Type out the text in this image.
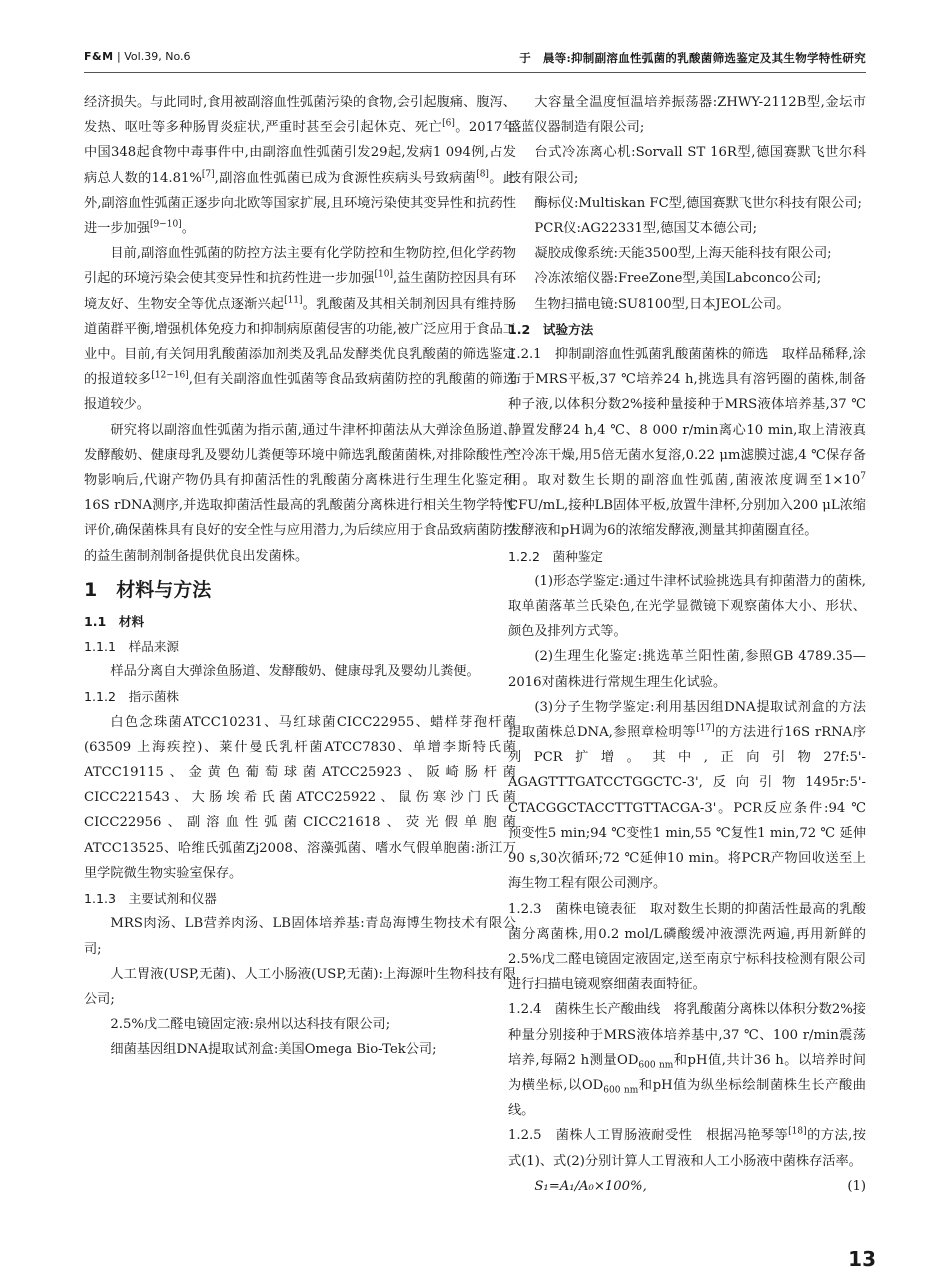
F&M | Vol.39, No.6	于　晨等:抑制副溶血性弧菌的乳酸菌筛选鉴定及其生物学特性研究

经济损失。与此同时,食用被副溶血性弧菌污染的食物,会引起腹痛、腹泻、发热、呕吐等多种肠胃炎症状,严重时甚至会引起休克、死亡[6]。2017年中国348起食物中毒事件中,由副溶血性弧菌引发29起,发病1 094例,占发病总人数的14.81%[7],副溶血性弧菌已成为食源性疾病头号致病菌[8]。此外,副溶血性弧菌正逐步向北欧等国家扩展,且环境污染使其变异性和抗药性进一步加强[9−10]。

目前,副溶血性弧菌的防控方法主要有化学防控和生物防控,但化学药物引起的环境污染会使其变异性和抗药性进一步加强[10],益生菌防控因具有环境友好、生物安全等优点逐渐兴起[11]。乳酸菌及其相关制剂因具有维持肠道菌群平衡,增强机体免疫力和抑制病原菌侵害的功能,被广泛应用于食品工业中。目前,有关饲用乳酸菌添加剂类及乳品发酵类优良乳酸菌的筛选鉴定的报道较多[12−16],但有关副溶血性弧菌等食品致病菌防控的乳酸菌的筛选报道较少。

研究将以副溶血性弧菌为指示菌,通过牛津杯抑菌法从大弹涂鱼肠道、发酵酸奶、健康母乳及婴幼儿粪便等环境中筛选乳酸菌菌株,对排除酸性产物影响后,代谢产物仍具有抑菌活性的乳酸菌分离株进行生理生化鉴定和16S rDNA测序,并选取抑菌活性最高的乳酸菌分离株进行相关生物学特性评价,确保菌株具有良好的安全性与应用潜力,为后续应用于食品致病菌防控的益生菌制剂制备提供优良出发菌株。

1　材料与方法

1.1　材料

1.1.1　样品来源

样品分离自大弹涂鱼肠道、发酵酸奶、健康母乳及婴幼儿粪便。

1.1.2　指示菌株

白色念珠菌ATCC10231、马红球菌CICC22955、蜡样芽孢杆菌(63509 上海疾控)、莱什曼氏乳杆菌ATCC7830、单增李斯特氏菌ATCC19115、金黄色葡萄球菌ATCC25923、阪崎肠杆菌CICC221543、大肠埃希氏菌ATCC25922、鼠伤寒沙门氏菌CICC22956、副溶血性弧菌CICC21618、荧光假单胞菌ATCC13525、哈维氏弧菌Zj2008、溶藻弧菌、嗜水气假单胞菌:浙江万里学院微生物实验室保存。

1.1.3　主要试剂和仪器

MRS肉汤、LB营养肉汤、LB固体培养基:青岛海博生物技术有限公司;

人工胃液(USP,无菌)、人工小肠液(USP,无菌):上海源叶生物科技有限公司;

2.5%戊二醛电镜固定液:泉州以达科技有限公司;

细菌基因组DNA提取试剂盒:美国Omega Bio-Tek公司;

大容量全温度恒温培养振荡器:ZHWY-2112B型,金坛市盛蓝仪器制造有限公司;

台式冷冻离心机:Sorvall ST 16R型,德国赛默飞世尔科技有限公司;

酶标仪:Multiskan FC型,德国赛默飞世尔科技有限公司;

PCR仪:AG22331型,德国艾本德公司;

凝胶成像系统:天能3500型,上海天能科技有限公司;

冷冻浓缩仪器:FreeZone型,美国Labconco公司;

生物扫描电镜:SU8100型,日本JEOL公司。

1.2　试验方法

1.2.1　抑制副溶血性弧菌乳酸菌菌株的筛选　取样品稀释,涂布于MRS平板,37 ℃培养24 h,挑选具有溶钙圈的菌株,制备种子液,以体积分数2%接种量接种于MRS液体培养基,37 ℃静置发酵24 h,4 ℃、8 000 r/min离心10 min,取上清液真空冷冻干燥,用5倍无菌水复溶,0.22 μm滤膜过滤,4 ℃保存备用。取对数生长期的副溶血性弧菌,菌液浓度调至$1\times 10^7$ CFU/mL,接种LB固体平板,放置牛津杯,分别加入200 μL浓缩发酵液和pH调为6的浓缩发酵液,测量其抑菌圈直径。

1.2.2　菌种鉴定

(1)形态学鉴定:通过牛津杯试验挑选具有抑菌潜力的菌株,取单菌落革兰氏染色,在光学显微镜下观察菌体大小、形状、颜色及排列方式等。

(2)生理生化鉴定:挑选革兰阳性菌,参照GB 4789.35—2016对菌株进行常规生理生化试验。

(3)分子生物学鉴定:利用基因组DNA提取试剂盒的方法提取菌株总DNA,参照章检明等[17]的方法进行16S rRNA序列PCR扩增。其中,正向引物27f:5'-AGAGTTTGATCCTGGCTC-3',反向引物1495r:5'-CTACGGCTACCTTGTTACGA-3'。PCR反应条件:94 ℃ 预变性5 min;94 ℃变性1 min,55 ℃复性1 min,72 ℃ 延伸90 s,30次循环;72 ℃延伸10 min。将PCR产物回收送至上海生物工程有限公司测序。

1.2.3　菌株电镜表征　取对数生长期的抑菌活性最高的乳酸菌分离菌株,用0.2 mol/L磷酸缓冲液漂洗两遍,再用新鲜的2.5%戊二醛电镜固定液固定,送至南京宁标科技检测有限公司进行扫描电镜观察细菌表面特征。

1.2.4　菌株生长产酸曲线　将乳酸菌分离株以体积分数2%接种量分别接种于MRS液体培养基中,37 ℃、100 r/min震荡培养,每隔2 h测量$OD_{600 nm}$和pH值,共计36 h。以培养时间为横坐标,以$OD_{600 nm}$和pH值为纵坐标绘制菌株生长产酸曲线。

1.2.5　菌株人工胃肠液耐受性　根据冯艳琴等[18]的方法,按式(1)、式(2)分别计算人工胃液和人工小肠液中菌株存活率。

S₁=A₁/A₀×100%,	(1)
13
